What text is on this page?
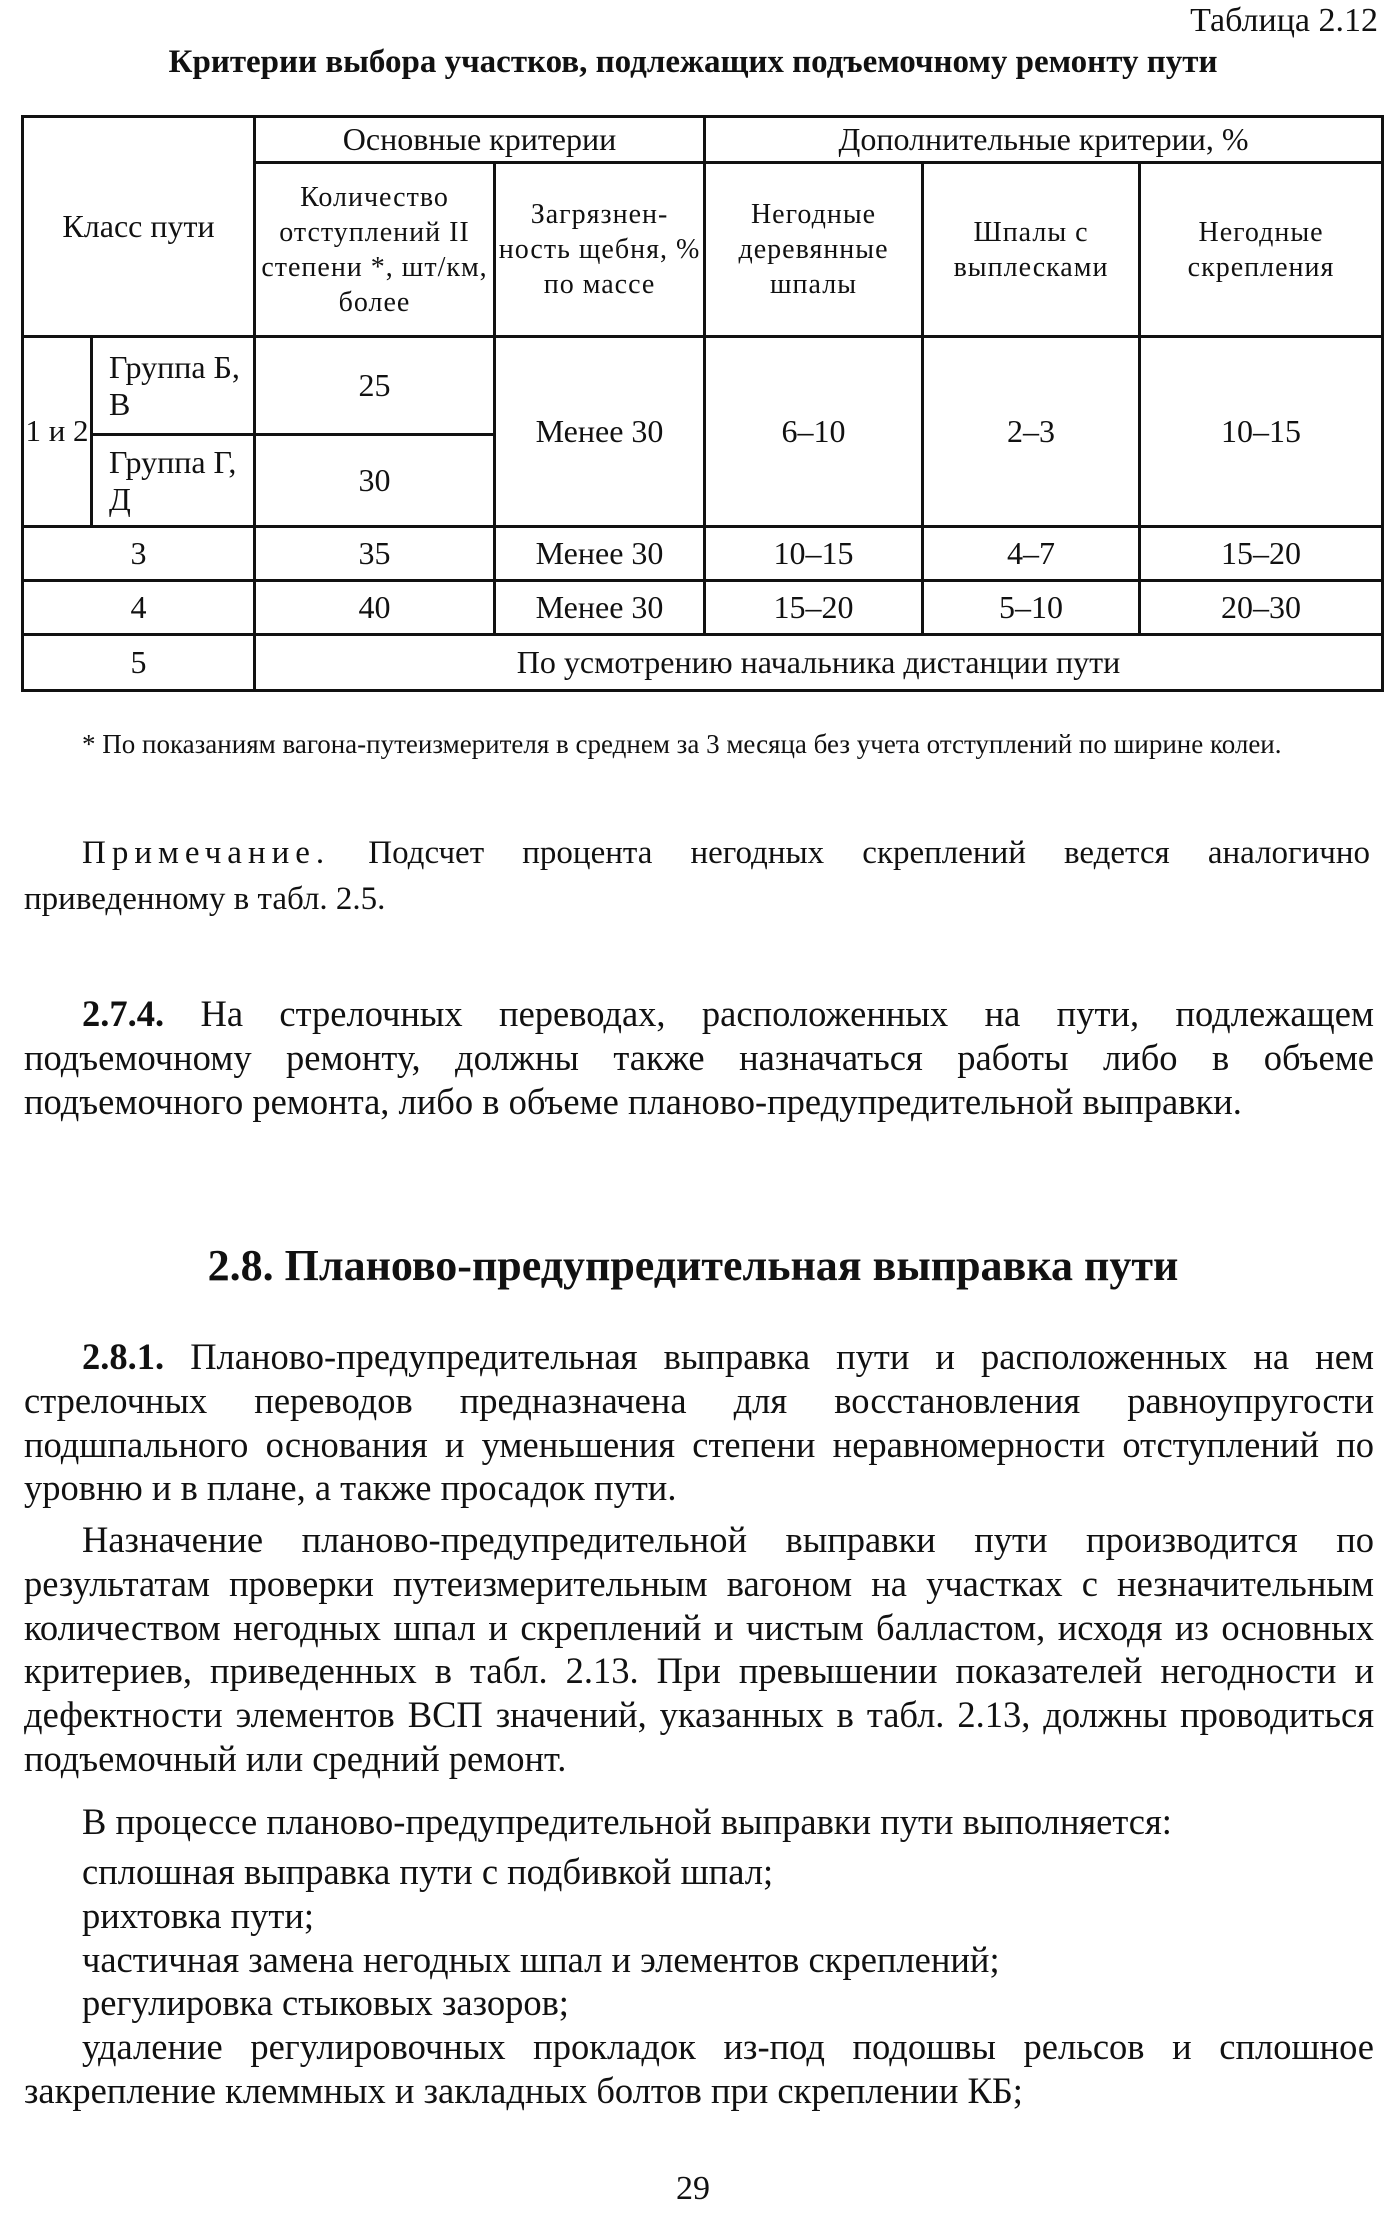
Таблица 2.12
Критерии выбора участков, подлежащих подъемочному ремонту пути
Класс пути		Основные критерии		Дополнительные критерии, %		
		Количество отступлений II степени *, шт/км, более	Загрязнен-ность щебня, % по массе	Негодные деревянные шпалы	Шпалы с выплесками	Негодные скрепления
1 и 2	Группа Б, В	25	Менее 30	6–10	2–3	10–15
	Группа Г, Д	30				
3		35	Менее 30	10–15	4–7	15–20
4		40	Менее 30	15–20	5–10	20–30
5		По усмотрению начальника дистанции пути				
* По показаниям вагона-путеизмерителя в среднем за 3 месяца без учета отступлений по ширине колеи.
Примечание. Подсчет процента негодных скреплений ведется аналогично приведенному в табл. 2.5.

2.7.4. На стрелочных переводах, расположенных на пути, подлежащем подъемочному ремонту, должны также назначаться работы либо в объеме подъемочного ремонта, либо в объеме планово-предупредительной выправки.

2.8. Планово-предупредительная выправка пути

2.8.1. Планово-предупредительная выправка пути и расположенных на нем стрелочных переводов предназначена для восстановления равноупругости подшпального основания и уменьшения степени неравномерности отступлений по уровню и в плане, а также просадок пути.

Назначение планово-предупредительной выправки пути производится по результатам проверки путеизмерительным вагоном на участках с незначительным количеством негодных шпал и скреплений и чистым балластом, исходя из основных критериев, приведенных в табл. 2.13. При превышении показателей негодности и дефектности элементов ВСП значений, указанных в табл. 2.13, должны проводиться подъемочный или средний ремонт.

В процессе планово-предупредительной выправки пути выполняется:

сплошная выправка пути с подбивкой шпал;
рихтовка пути;
частичная замена негодных шпал и элементов скреплений;
регулировка стыковых зазоров;
удаление регулировочных прокладок из-под подошвы рельсов и сплошное закрепление клеммных и закладных болтов при скреплении КБ;
29
